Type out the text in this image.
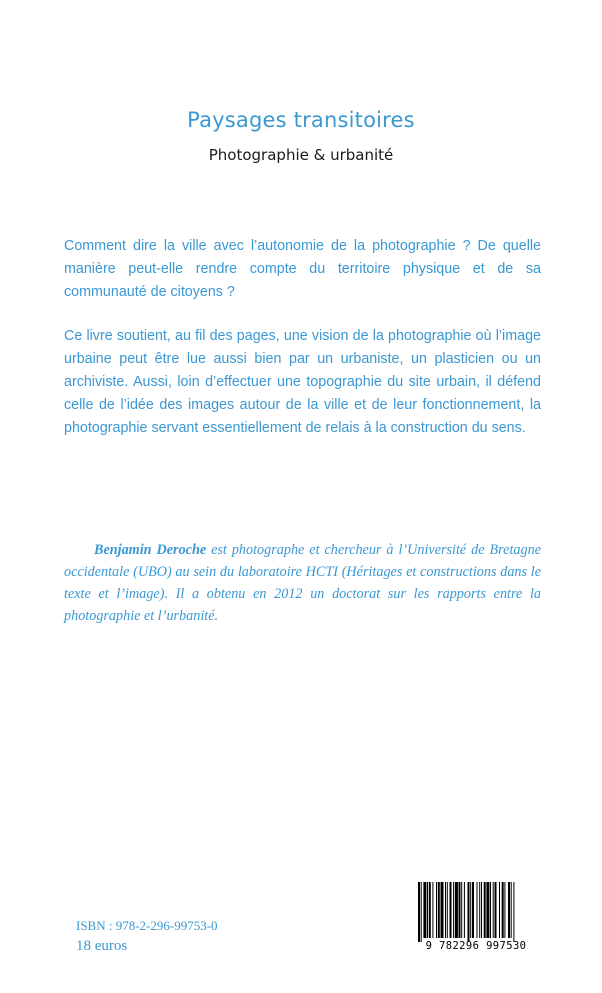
Paysages transitoires
Photographie & urbanité

Comment dire la ville avec l’autonomie de la photographie ? De quelle manière peut-elle rendre compte du territoire physique et de sa communauté de citoyens ?

Ce livre soutient, au fil des pages, une vision de la photographie où l’image urbaine peut être lue aussi bien par un urbaniste, un plasticien ou un archiviste. Aussi, loin d’effectuer une topographie du site urbain, il défend celle de l’idée des images autour de la ville et de leur fonctionnement, la photographie servant essentiellement de relais à la construction du sens.

Benjamin Deroche est photographe et chercheur à l’Université de Bretagne occidentale (UBO) au sein du laboratoire HCTI (Héritages et constructions dans le texte et l’image). Il a obtenu en 2012 un doctorat sur les rapports entre la photographie et l’urbanité.

ISBN : 978-2-296-99753-0
18 euros	9 782296 997530
